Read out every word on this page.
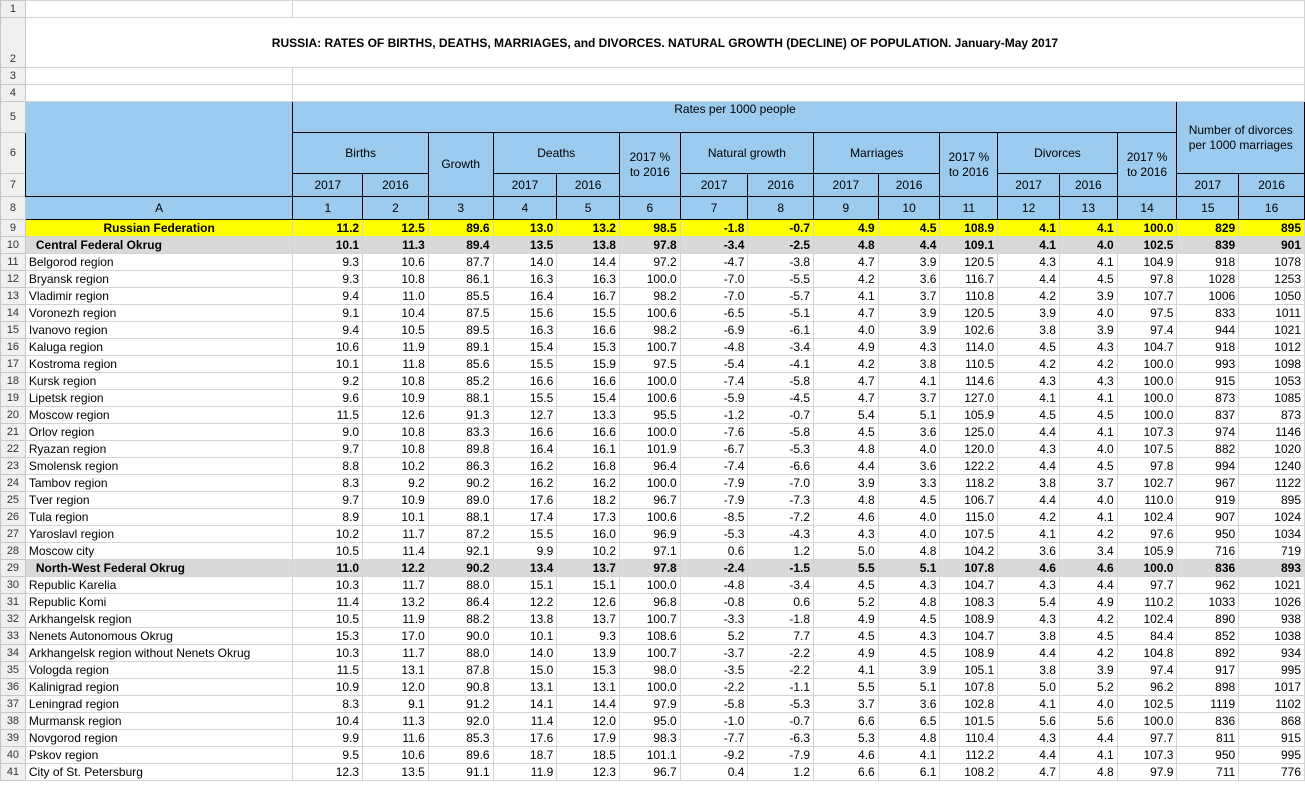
1																	
2	RUSSIA: RATES OF BIRTHS, DEATHS, MARRIAGES, and DIVORCES. NATURAL GROWTH (DECLINE) OF POPULATION. January-May 2017																
3																	
4																	
5		Rates per 1000 people														Number of divorces per 1000 marriages	
6		Births		Growth	Deaths		2017 % to 2016	Natural growth		Marriages		2017 % to 2016	Divorces		2017 % to 2016		
7		2017	2016		2017	2016		2017	2016	2017	2016		2017	2016		2017	2016
8	A	1	2	3	4	5	6	7	8	9	10	11	12	13	14	15	16
9	Russian Federation	11.2	12.5	89.6	13.0	13.2	98.5	-1.8	-0.7	4.9	4.5	108.9	4.1	4.1	100.0	829	895
10	Central Federal Okrug	10.1	11.3	89.4	13.5	13.8	97.8	-3.4	-2.5	4.8	4.4	109.1	4.1	4.0	102.5	839	901
11	Belgorod region	9.3	10.6	87.7	14.0	14.4	97.2	-4.7	-3.8	4.7	3.9	120.5	4.3	4.1	104.9	918	1078
12	Bryansk region	9.3	10.8	86.1	16.3	16.3	100.0	-7.0	-5.5	4.2	3.6	116.7	4.4	4.5	97.8	1028	1253
13	Vladimir region	9.4	11.0	85.5	16.4	16.7	98.2	-7.0	-5.7	4.1	3.7	110.8	4.2	3.9	107.7	1006	1050
14	Voronezh region	9.1	10.4	87.5	15.6	15.5	100.6	-6.5	-5.1	4.7	3.9	120.5	3.9	4.0	97.5	833	1011
15	Ivanovo region	9.4	10.5	89.5	16.3	16.6	98.2	-6.9	-6.1	4.0	3.9	102.6	3.8	3.9	97.4	944	1021
16	Kaluga region	10.6	11.9	89.1	15.4	15.3	100.7	-4.8	-3.4	4.9	4.3	114.0	4.5	4.3	104.7	918	1012
17	Kostroma region	10.1	11.8	85.6	15.5	15.9	97.5	-5.4	-4.1	4.2	3.8	110.5	4.2	4.2	100.0	993	1098
18	Kursk region	9.2	10.8	85.2	16.6	16.6	100.0	-7.4	-5.8	4.7	4.1	114.6	4.3	4.3	100.0	915	1053
19	Lipetsk region	9.6	10.9	88.1	15.5	15.4	100.6	-5.9	-4.5	4.7	3.7	127.0	4.1	4.1	100.0	873	1085
20	Moscow region	11.5	12.6	91.3	12.7	13.3	95.5	-1.2	-0.7	5.4	5.1	105.9	4.5	4.5	100.0	837	873
21	Orlov region	9.0	10.8	83.3	16.6	16.6	100.0	-7.6	-5.8	4.5	3.6	125.0	4.4	4.1	107.3	974	1146
22	Ryazan region	9.7	10.8	89.8	16.4	16.1	101.9	-6.7	-5.3	4.8	4.0	120.0	4.3	4.0	107.5	882	1020
23	Smolensk region	8.8	10.2	86.3	16.2	16.8	96.4	-7.4	-6.6	4.4	3.6	122.2	4.4	4.5	97.8	994	1240
24	Tambov region	8.3	9.2	90.2	16.2	16.2	100.0	-7.9	-7.0	3.9	3.3	118.2	3.8	3.7	102.7	967	1122
25	Tver region	9.7	10.9	89.0	17.6	18.2	96.7	-7.9	-7.3	4.8	4.5	106.7	4.4	4.0	110.0	919	895
26	Tula region	8.9	10.1	88.1	17.4	17.3	100.6	-8.5	-7.2	4.6	4.0	115.0	4.2	4.1	102.4	907	1024
27	Yaroslavl region	10.2	11.7	87.2	15.5	16.0	96.9	-5.3	-4.3	4.3	4.0	107.5	4.1	4.2	97.6	950	1034
28	Moscow city	10.5	11.4	92.1	9.9	10.2	97.1	0.6	1.2	5.0	4.8	104.2	3.6	3.4	105.9	716	719
29	North-West Federal Okrug	11.0	12.2	90.2	13.4	13.7	97.8	-2.4	-1.5	5.5	5.1	107.8	4.6	4.6	100.0	836	893
30	Republic Karelia	10.3	11.7	88.0	15.1	15.1	100.0	-4.8	-3.4	4.5	4.3	104.7	4.3	4.4	97.7	962	1021
31	Republic Komi	11.4	13.2	86.4	12.2	12.6	96.8	-0.8	0.6	5.2	4.8	108.3	5.4	4.9	110.2	1033	1026
32	Arkhangelsk region	10.5	11.9	88.2	13.8	13.7	100.7	-3.3	-1.8	4.9	4.5	108.9	4.3	4.2	102.4	890	938
33	Nenets Autonomous Okrug	15.3	17.0	90.0	10.1	9.3	108.6	5.2	7.7	4.5	4.3	104.7	3.8	4.5	84.4	852	1038
34	Arkhangelsk region without Nenets Okrug	10.3	11.7	88.0	14.0	13.9	100.7	-3.7	-2.2	4.9	4.5	108.9	4.4	4.2	104.8	892	934
35	Vologda region	11.5	13.1	87.8	15.0	15.3	98.0	-3.5	-2.2	4.1	3.9	105.1	3.8	3.9	97.4	917	995
36	Kalinigrad region	10.9	12.0	90.8	13.1	13.1	100.0	-2.2	-1.1	5.5	5.1	107.8	5.0	5.2	96.2	898	1017
37	Leningrad region	8.3	9.1	91.2	14.1	14.4	97.9	-5.8	-5.3	3.7	3.6	102.8	4.1	4.0	102.5	1119	1102
38	Murmansk region	10.4	11.3	92.0	11.4	12.0	95.0	-1.0	-0.7	6.6	6.5	101.5	5.6	5.6	100.0	836	868
39	Novgorod region	9.9	11.6	85.3	17.6	17.9	98.3	-7.7	-6.3	5.3	4.8	110.4	4.3	4.4	97.7	811	915
40	Pskov region	9.5	10.6	89.6	18.7	18.5	101.1	-9.2	-7.9	4.6	4.1	112.2	4.4	4.1	107.3	950	995
41	City of St. Petersburg	12.3	13.5	91.1	11.9	12.3	96.7	0.4	1.2	6.6	6.1	108.2	4.7	4.8	97.9	711	776
